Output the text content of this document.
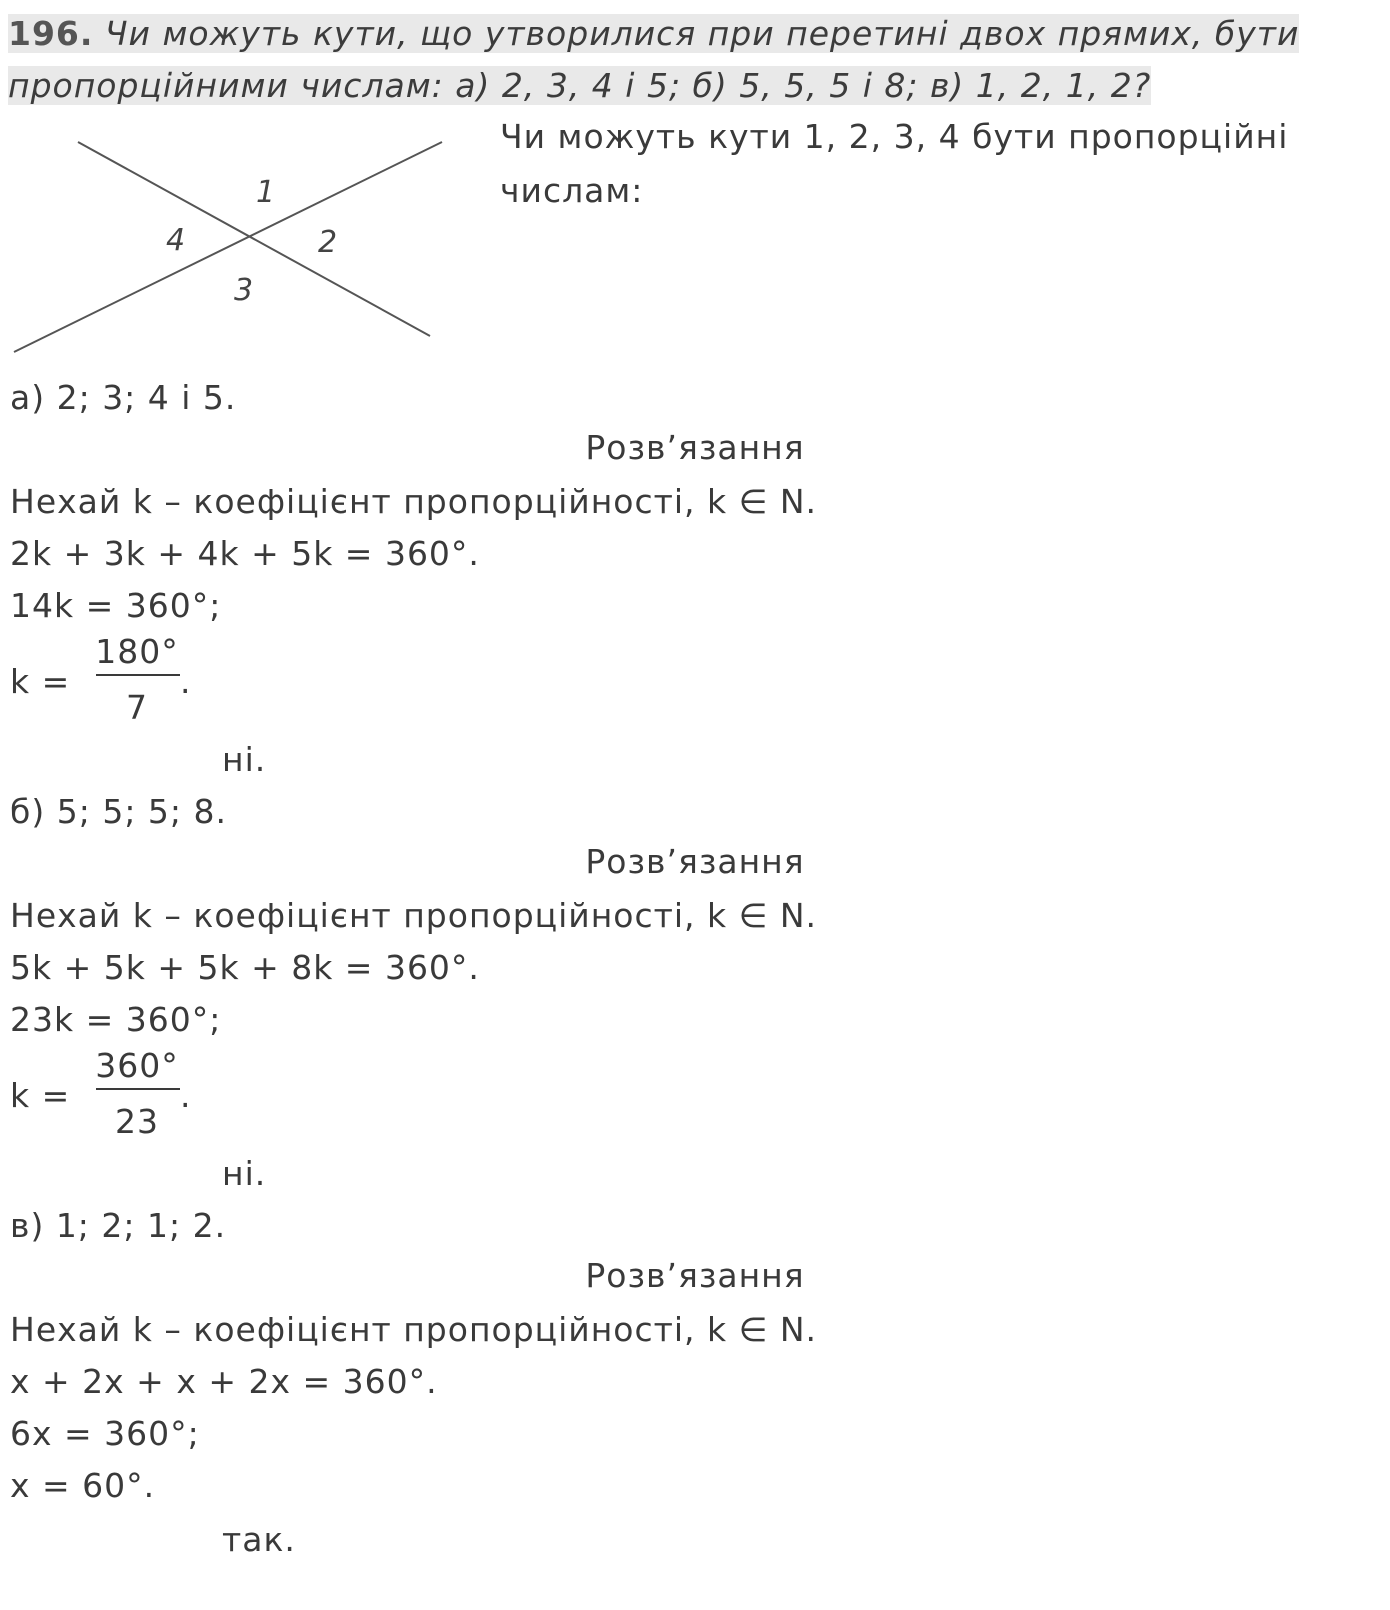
196. Чи можуть кути, що утворилися при перетині двох прямих, бути
пропорційними числам: а) 2, 3, 4 і 5; б) 5, 5, 5 і 8; в) 1, 2, 1, 2?
1
2
3
4
Чи можуть кути 1, 2, 3, 4 бути пропорційні
числам:
а) 2; 3; 4 і 5.
Розв’язання
Нехай k – коефіцієнт пропорційності, k ∈ N.
2k + 3k + 4k + 5k = 360°.
14k = 360°;
k =
180°
7
.
ні.
б) 5; 5; 5; 8.
Розв’язання
Нехай k – коефіцієнт пропорційності, k ∈ N.
5k + 5k + 5k + 8k = 360°.
23k = 360°;
k =
360°
23
.
ні.
в) 1; 2; 1; 2.
Розв’язання
Нехай k – коефіцієнт пропорційності, k ∈ N.
x + 2x + x + 2x = 360°.
6x = 360°;
x = 60°.
так.
